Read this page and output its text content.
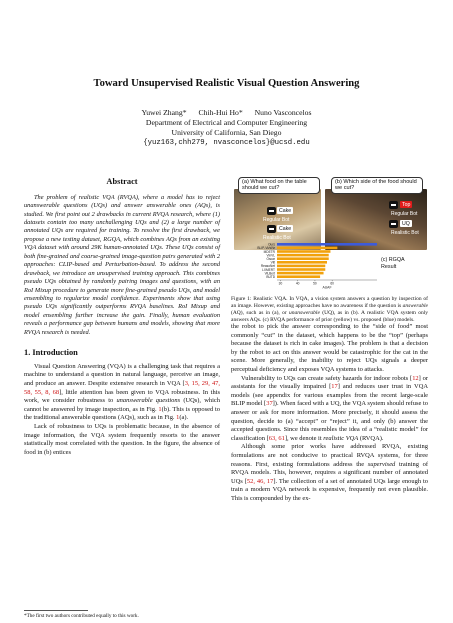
Toward Unsupervised Realistic Visual Question Answering
Yuwei Zhang* Chih-Hui Ho* Nuno Vasconcelos
Department of Electrical and Computer Engineering
University of California, San Diego
{yuz163,chh279, nvasconcelos}@ucsd.edu
Abstract

The problem of realistic VQA (RVQA), where a model has to reject unanswerable questions (UQs) and answer answerable ones (AQs), is studied. We first point out 2 drawbacks in current RVQA research, where (1) datasets contain too many unchallenging UQs and (2) a large number of annotated UQs are required for training. To resolve the first drawback, we propose a new testing dataset, RGQA, which combines AQs from an existing VQA dataset with around 29K human-annotated UQs. These UQs consist of both fine-grained and coarse-grained image-question pairs generated with 2 approaches: CLIP-based and Perturbation-based. To address the second drawback, we introduce an unsupervised training approach. This combines pseudo UQs obtained by randomly pairing images and questions, with an RoI Mixup procedure to generate more fine-grained pseudo UQs, and model ensembling to regularize model confidence. Experiments show that using pseudo UQs significantly outperforms RVQA baselines. RoI Mixup and model ensembling further increase the gain. Finally, human evaluation reveals a performance gap between humans and models, showing that more RVQA research is needed.

1. Introduction

Visual Question Answering (VQA) is a challenging task that requires a machine to understand a question in natural language, perceive an image, and produce an answer. Despite extensive research in VQA [3, 15, 29, 47, 58, 55, 8, 68], little attention has been given to VQA robustness. In this work, we consider robustness to unanswerable questions (UQs), which cannot be answered by image inspection, as in Fig. 1(b). This is opposed to the traditional answerable questions (AQs), such as in Fig. 1(a).

Lack of robustness to UQs is problematic because, in the absence of image information, the VQA system frequently resorts to the answer statistically most correlated with the question. In the figure, the absence of food in (b) entices

*The first two authors contributed equally to this work.
(a) What food on the table should we cut?
(b) Which side of the food should we cut?
Cake
Regular Bot
Cake
Realistic Bot
Top
Regular Bot
UQ
Realistic Bot
Ours
BLIP-VizWiz
MDETR
VinVL
Oscar
Vilt
ReasoNet
LXMERT
ViLBert
BUTD
30	40	50	60
AUAF
(c) RGQA
Result

Figure 1: Realistic VQA. In VQA, a vision system answers a question by inspection of an image. However, existing approaches have no awareness if the question is answerable (AQ), such as in (a), or unanswerable (UQ), as in (b). A realistic VQA system only answers AQs. (c) RVQA performance of prior (yellow) vs. proposed (blue) models.

the robot to pick the answer corresponding to the “side of food” most commonly “cut” in the dataset, which happens to be the “top” (perhaps because the dataset is rich in cake images). The problem is that a decision by the robot to act on this answer would be catastrophic for the cat in the scene. More generally, the inability to reject UQs signals a deeper perceptual deficiency and exposes VQA systems to attacks.

Vulnerability to UQs can create safety hazards for indoor robots [12] or assistants for the visually impaired [17] and reduces user trust in VQA models (see appendix for various examples from the recent large-scale BLIP model [37]). When faced with a UQ, the VQA system should refuse to answer or ask for more information. More precisely, it should assess the question, decide to (a) “accept” or “reject” it, and only (b) answer the accepted questions. Since this resembles the idea of a “realistic model” for classification [63, 61], we denote it realistic VQA (RVQA).

Although some prior works have addressed RVQA, existing formulations are not conducive to practical RVQA systems, for three reasons. First, existing formulations address the supervised training of RVQA models. This, however, requires a significant number of annotated UQs [52, 46, 17]. The collection of a set of annotated UQs large enough to train a modern VQA network is expensive, frequently not even plausible. This is compounded by the ex-
